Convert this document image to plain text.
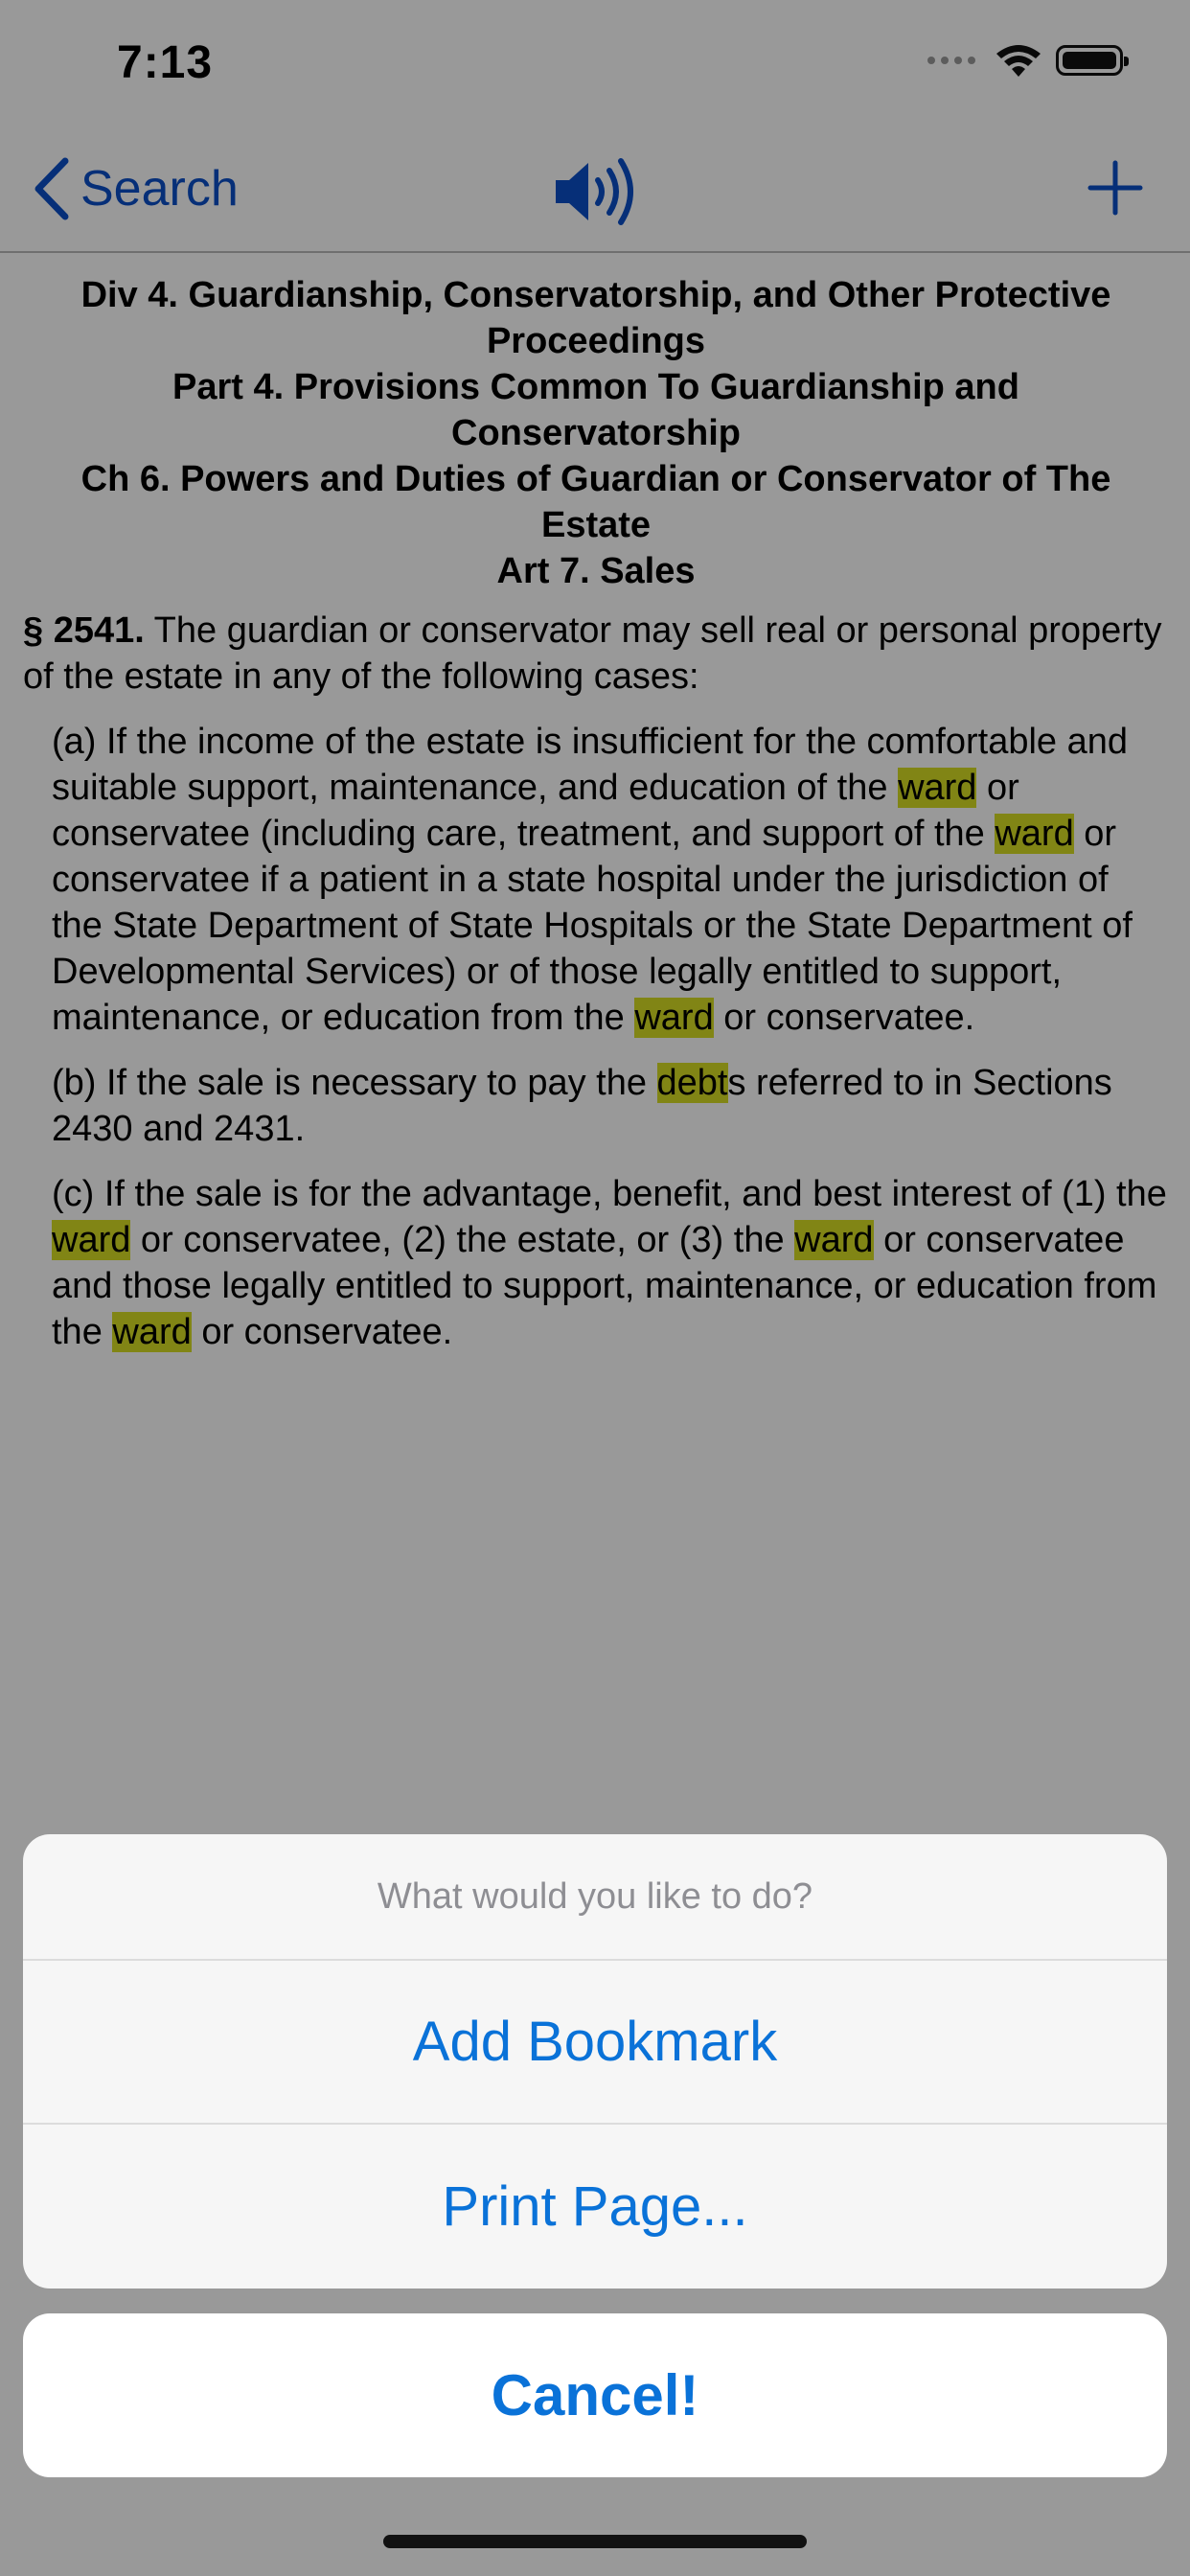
7:13
Search
Div 4. Guardianship, Conservatorship, and Other Protective Proceedings
Part 4. Provisions Common To Guardianship and Conservatorship
Ch 6. Powers and Duties of Guardian or Conservator of The Estate
Art 7. Sales
§ 2541. The guardian or conservator may sell real or personal property of the estate in any of the following cases:
(a) If the income of the estate is insufficient for the comfortable and suitable support, maintenance, and education of the ward or conservatee (including care, treatment, and support of the ward or conservatee if a patient in a state hospital under the jurisdiction of the State Department of State Hospitals or the State Department of Developmental Services) or of those legally entitled to support, maintenance, or education from the ward or conservatee.
(b) If the sale is necessary to pay the debts referred to in Sections 2430 and 2431.
(c) If the sale is for the advantage, benefit, and best interest of (1) the ward or conservatee, (2) the estate, or (3) the ward or conservatee and those legally entitled to support, maintenance, or education from the ward or conservatee.
What would you like to do?
Add Bookmark
Print Page...
Cancel!
